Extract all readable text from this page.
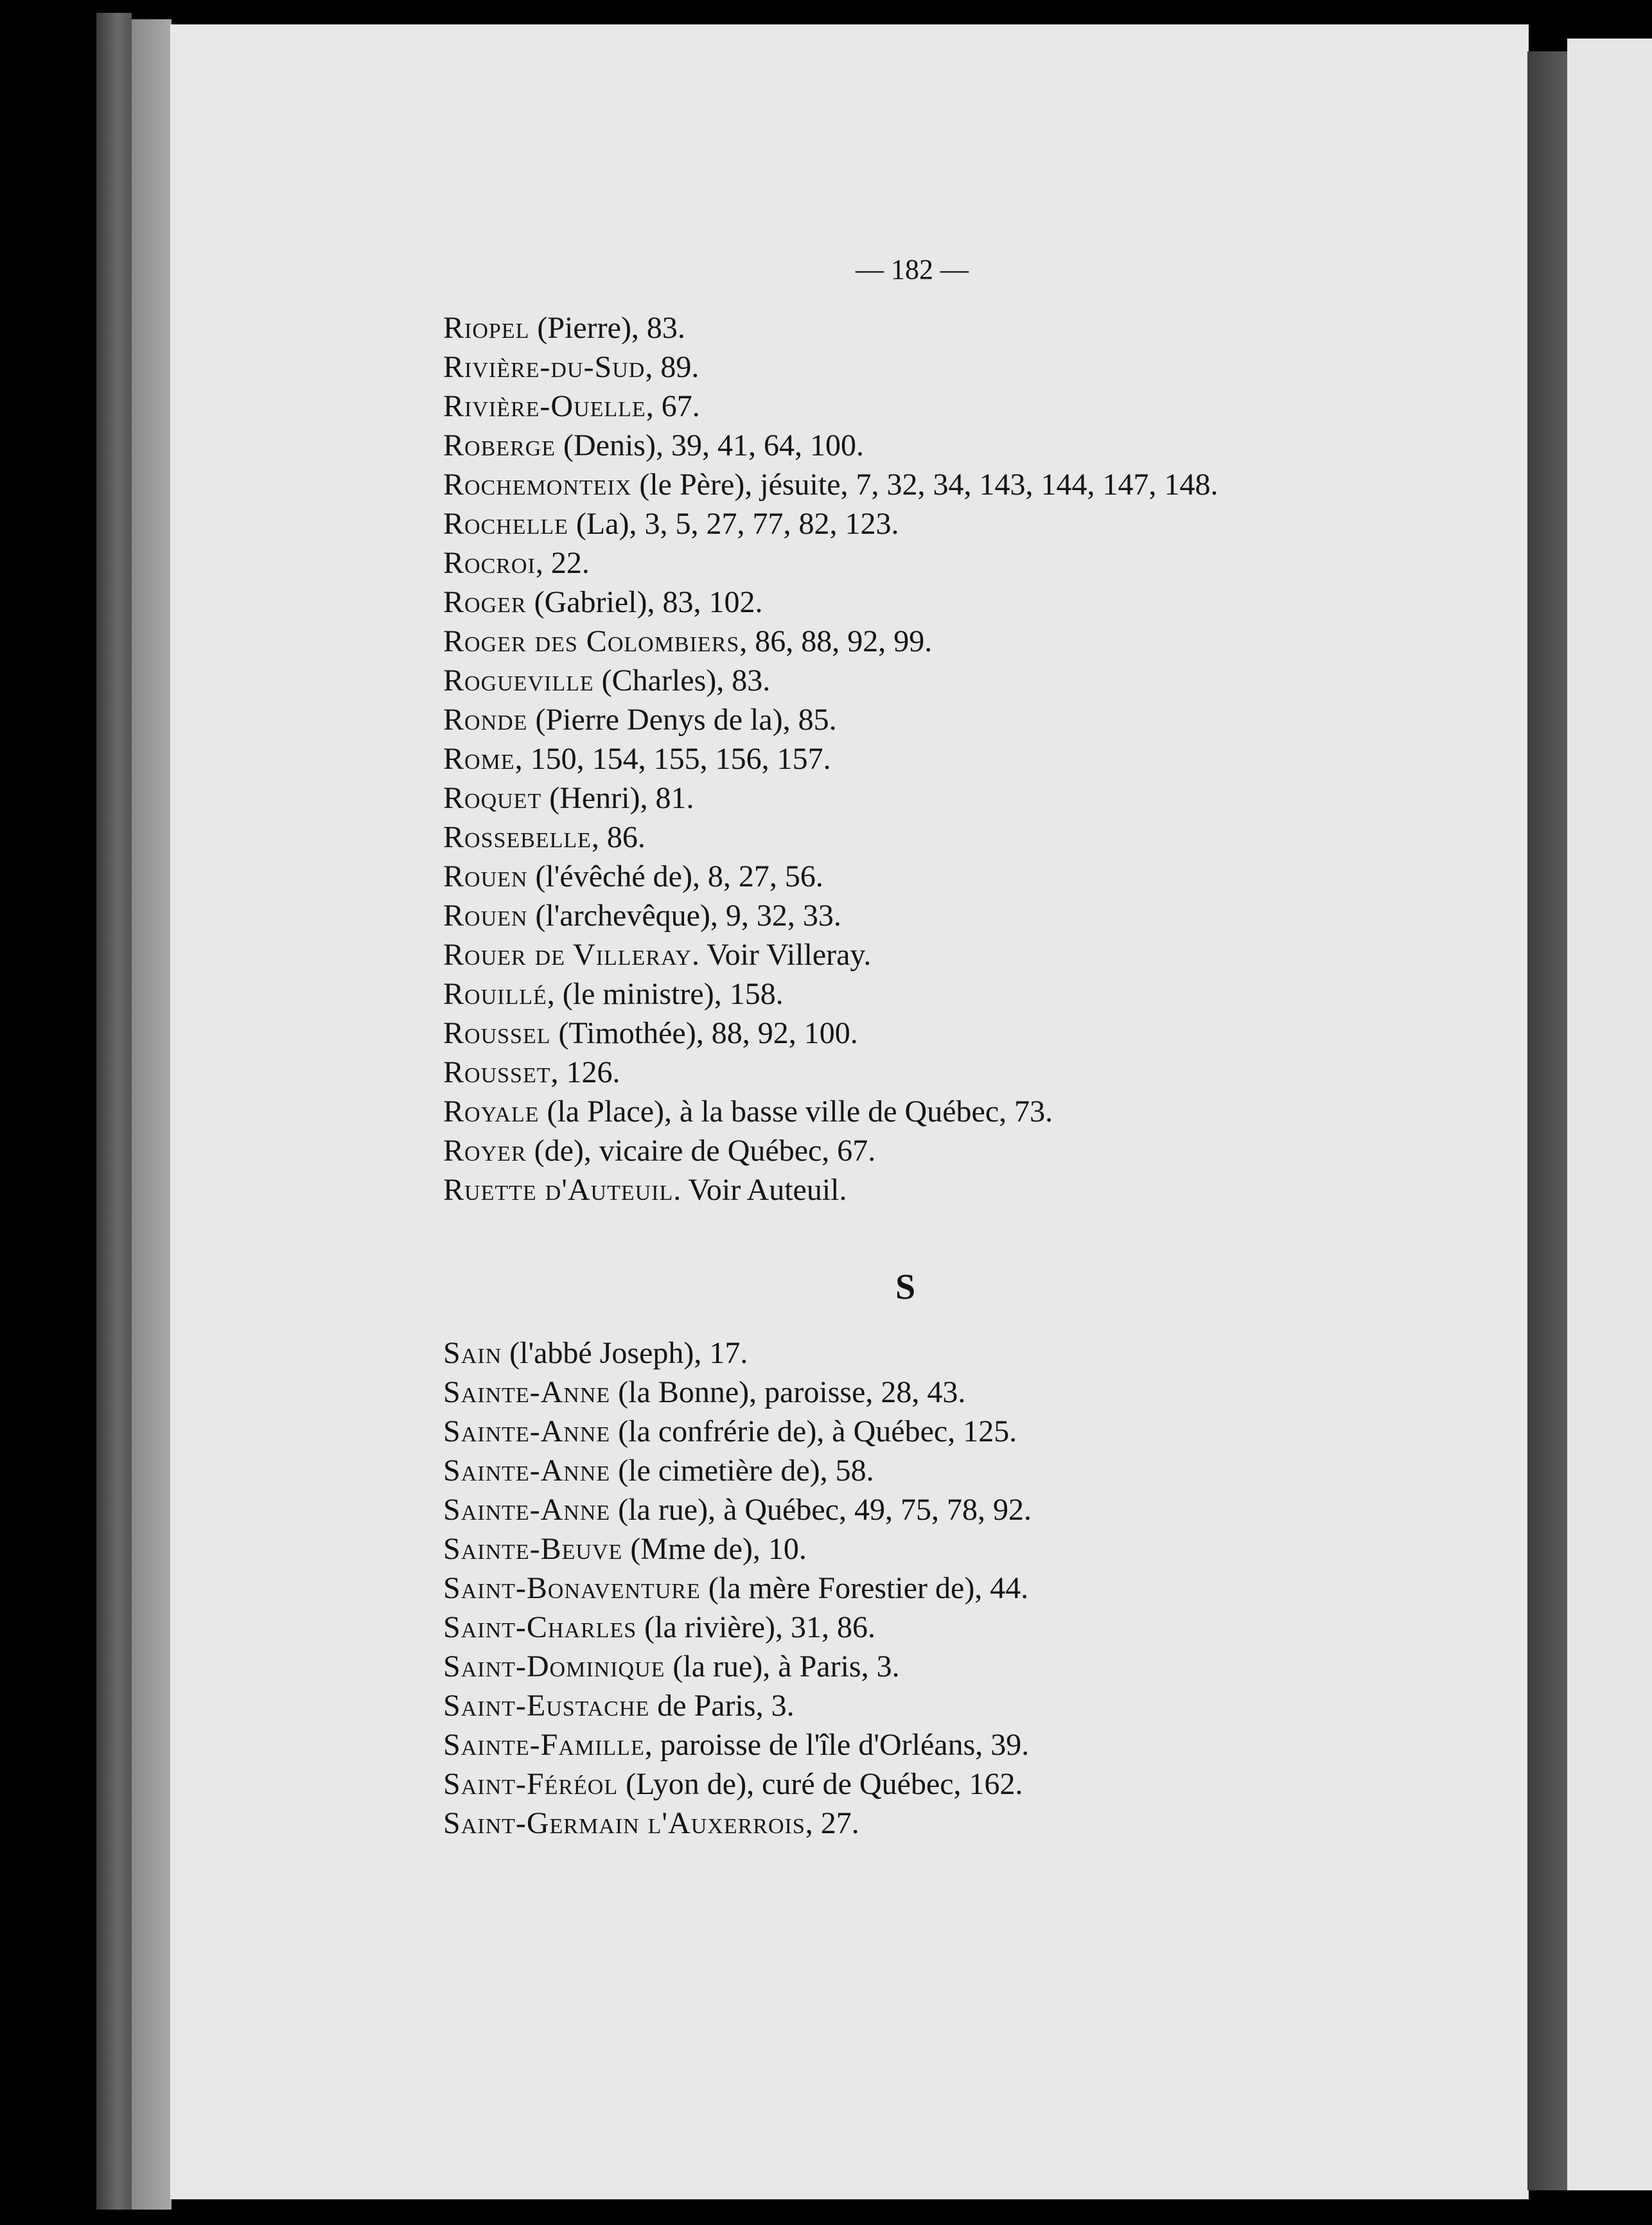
— 182 —
Riopel (Pierre), 83.
Rivière-du-Sud, 89.
Rivière-Ouelle, 67.
Roberge (Denis), 39, 41, 64, 100.
Rochemonteix (le Père), jésuite, 7, 32, 34, 143, 144, 147, 148.
Rochelle (La), 3, 5, 27, 77, 82, 123.
Rocroi, 22.
Roger (Gabriel), 83, 102.
Roger des Colombiers, 86, 88, 92, 99.
Rogueville (Charles), 83.
Ronde (Pierre Denys de la), 85.
Rome, 150, 154, 155, 156, 157.
Roquet (Henri), 81.
Rossebelle, 86.
Rouen (l'évêché de), 8, 27, 56.
Rouen (l'archevêque), 9, 32, 33.
Rouer de Villeray. Voir Villeray.
Rouillé, (le ministre), 158.
Roussel (Timothée), 88, 92, 100.
Rousset, 126.
Royale (la Place), à la basse ville de Québec, 73.
Royer (de), vicaire de Québec, 67.
Ruette d'Auteuil. Voir Auteuil.
S
Sain (l'abbé Joseph), 17.
Sainte-Anne (la Bonne), paroisse, 28, 43.
Sainte-Anne (la confrérie de), à Québec, 125.
Sainte-Anne (le cimetière de), 58.
Sainte-Anne (la rue), à Québec, 49, 75, 78, 92.
Sainte-Beuve (Mme de), 10.
Saint-Bonaventure (la mère Forestier de), 44.
Saint-Charles (la rivière), 31, 86.
Saint-Dominique (la rue), à Paris, 3.
Saint-Eustache de Paris, 3.
Sainte-Famille, paroisse de l'île d'Orléans, 39.
Saint-Féréol (Lyon de), curé de Québec, 162.
Saint-Germain l'Auxerrois, 27.
